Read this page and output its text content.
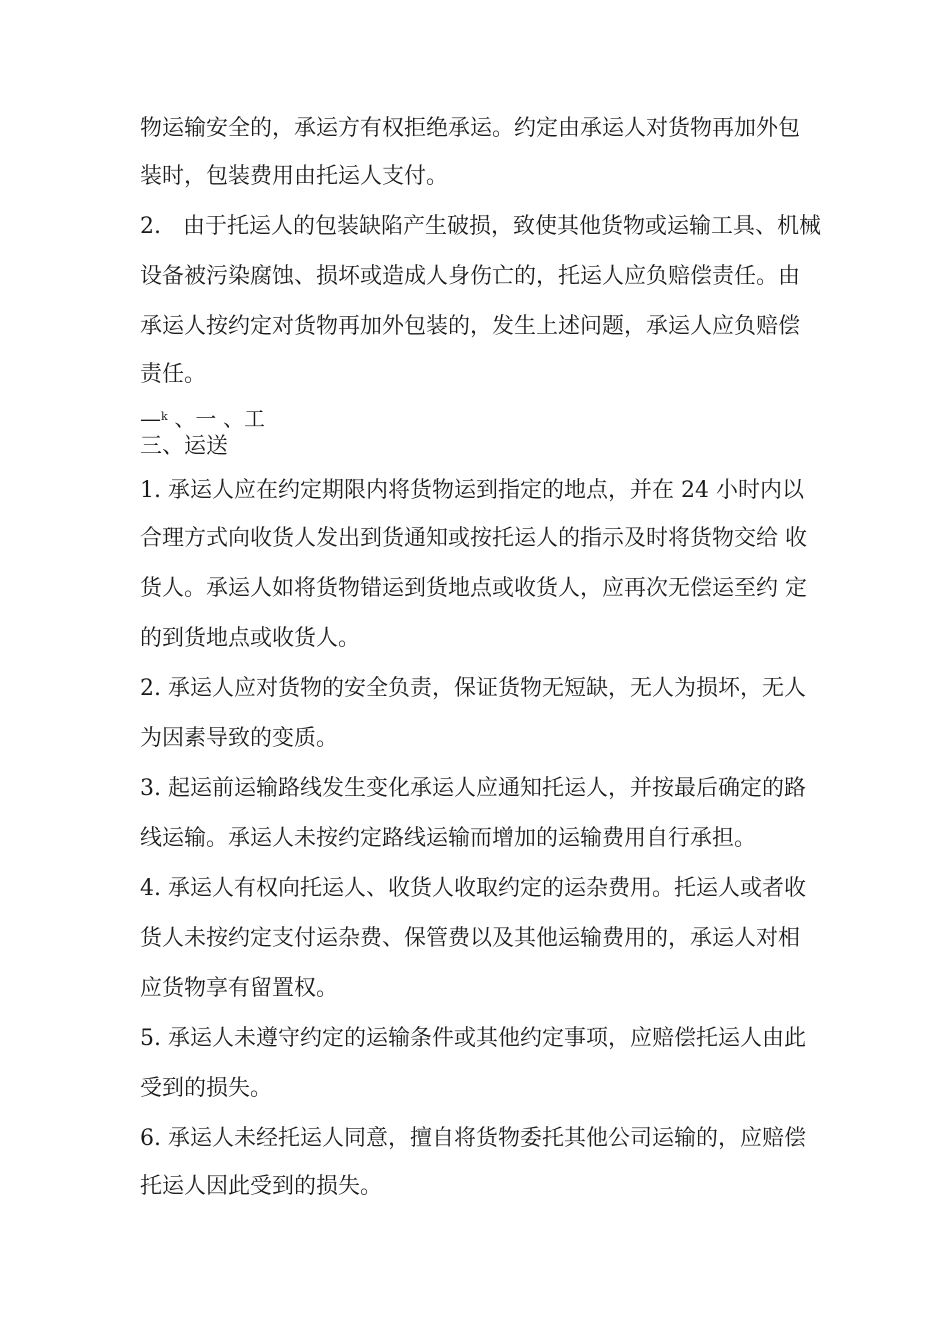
物运输安全的，承运方有权拒绝承运。约定由承运人对货物再加外包
装时，包装费用由托运人支付。
2.　由于托运人的包装缺陷产生破损，致使其他货物或运输工具、机械
设备被污染腐蚀、损坏或造成人身伤亡的，托运人应负赔偿责任。由
承运人按约定对货物再加外包装的，发生上述问题，承运人应负赔偿
责任。
—$^k$ 、一 、工
三、运送
1. 承运人应在约定期限内将货物运到指定的地点，并在 24 小时内以
合理方式向收货人发出到货通知或按托运人的指示及时将货物交给 收
货人。承运人如将货物错运到货地点或收货人，应再次无偿运至约 定
的到货地点或收货人。
2. 承运人应对货物的安全负责，保证货物无短缺，无人为损坏，无人
为因素导致的变质。
3. 起运前运输路线发生变化承运人应通知托运人，并按最后确定的路
线运输。承运人未按约定路线运输而增加的运输费用自行承担。
4. 承运人有权向托运人、收货人收取约定的运杂费用。托运人或者收
货人未按约定支付运杂费、保管费以及其他运输费用的，承运人对相
应货物享有留置权。
5. 承运人未遵守约定的运输条件或其他约定事项，应赔偿托运人由此
受到的损失。
6. 承运人未经托运人同意，擅自将货物委托其他公司运输的，应赔偿
托运人因此受到的损失。
